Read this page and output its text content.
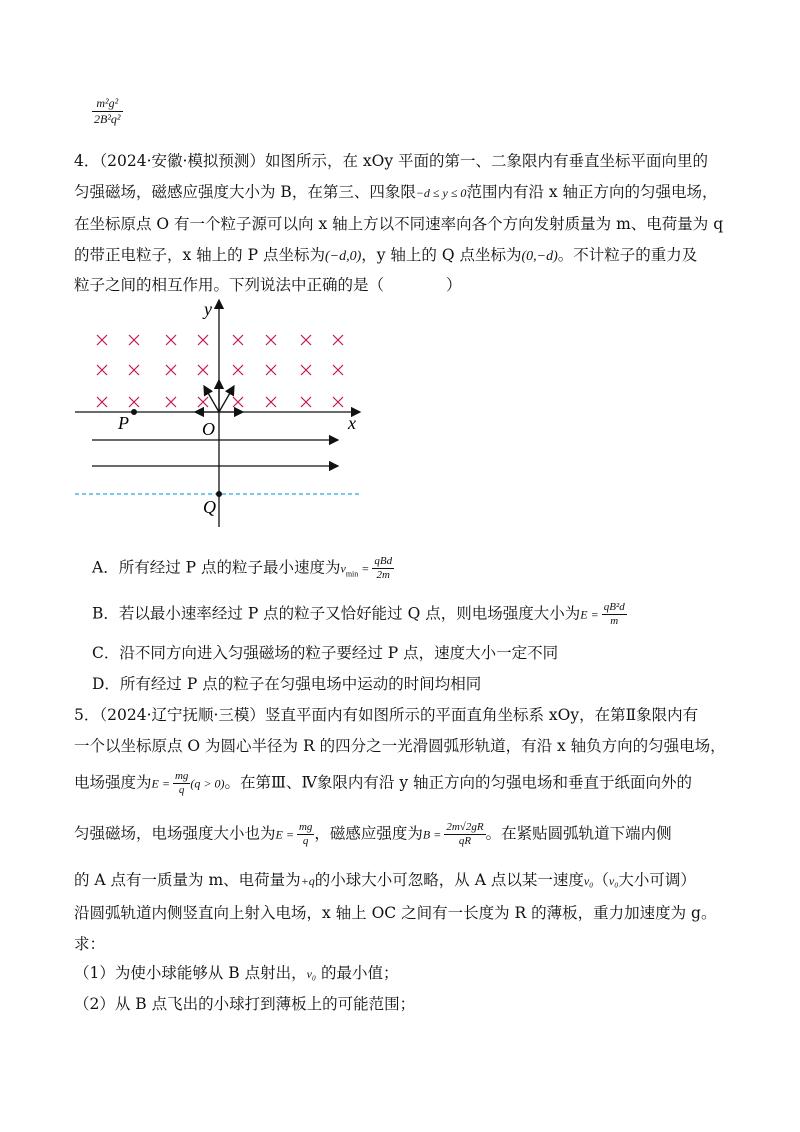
$\frac{\text{m²g²}}{\text{2B²q²}}$
4．（2024·安徽·模拟预测）如图所示，在 xOy 平面的第一、二象限内有垂直坐标平面向里的
匀强磁场，磁感应强度大小为 B，在第三、四象限−d ≤ y ≤ 0范围内有沿 x 轴正方向的匀强电场，
在坐标原点 O 有一个粒子源可以向 x 轴上方以不同速率向各个方向发射质量为 m、电荷量为 q
的带正电粒子，x 轴上的 P 点坐标为(−d,0)，y 轴上的 Q 点坐标为(0,−d)。不计粒子的重力及
粒子之间的相互作用。下列说法中正确的是（　　　　）
y
x
O
P
Q
A．所有经过 P 点的粒子最小速度为$v_{min} = \frac{\text{qBd}}{2m}$
B．若以最小速率经过 P 点的粒子又恰好能过 Q 点，则电场强度大小为$E = \frac{\text{qB²d}}{m}$
C．沿不同方向进入匀强磁场的粒子要经过 P 点，速度大小一定不同
D．所有经过 P 点的粒子在匀强电场中运动的时间均相同
5．（2024·辽宁抚顺·三模）竖直平面内有如图所示的平面直角坐标系 xOy，在第Ⅱ象限内有
一个以坐标原点 O 为圆心半径为 R 的四分之一光滑圆弧形轨道，有沿 x 轴负方向的匀强电场，
电场强度为$E = \frac{mg}{q} (q > 0)$。在第Ⅲ、Ⅳ象限内有沿 y 轴正方向的匀强电场和垂直于纸面向外的
匀强磁场，电场强度大小也为$E = \frac{mg}{q}$ ，磁感应强度为$B = \frac{2m√2gR}{qR}$ 。在紧贴圆弧轨道下端内侧
的 A 点有一质量为 m、电荷量为+q的小球大小可忽略，从 A 点以某一速度v₀（v₀大小可调）
沿圆弧轨道内侧竖直向上射入电场，x 轴上 OC 之间有一长度为 R 的薄板，重力加速度为 g。
求：
（1）为使小球能够从 B 点射出，v₀ 的最小值；
（2）从 B 点飞出的小球打到薄板上的可能范围；
